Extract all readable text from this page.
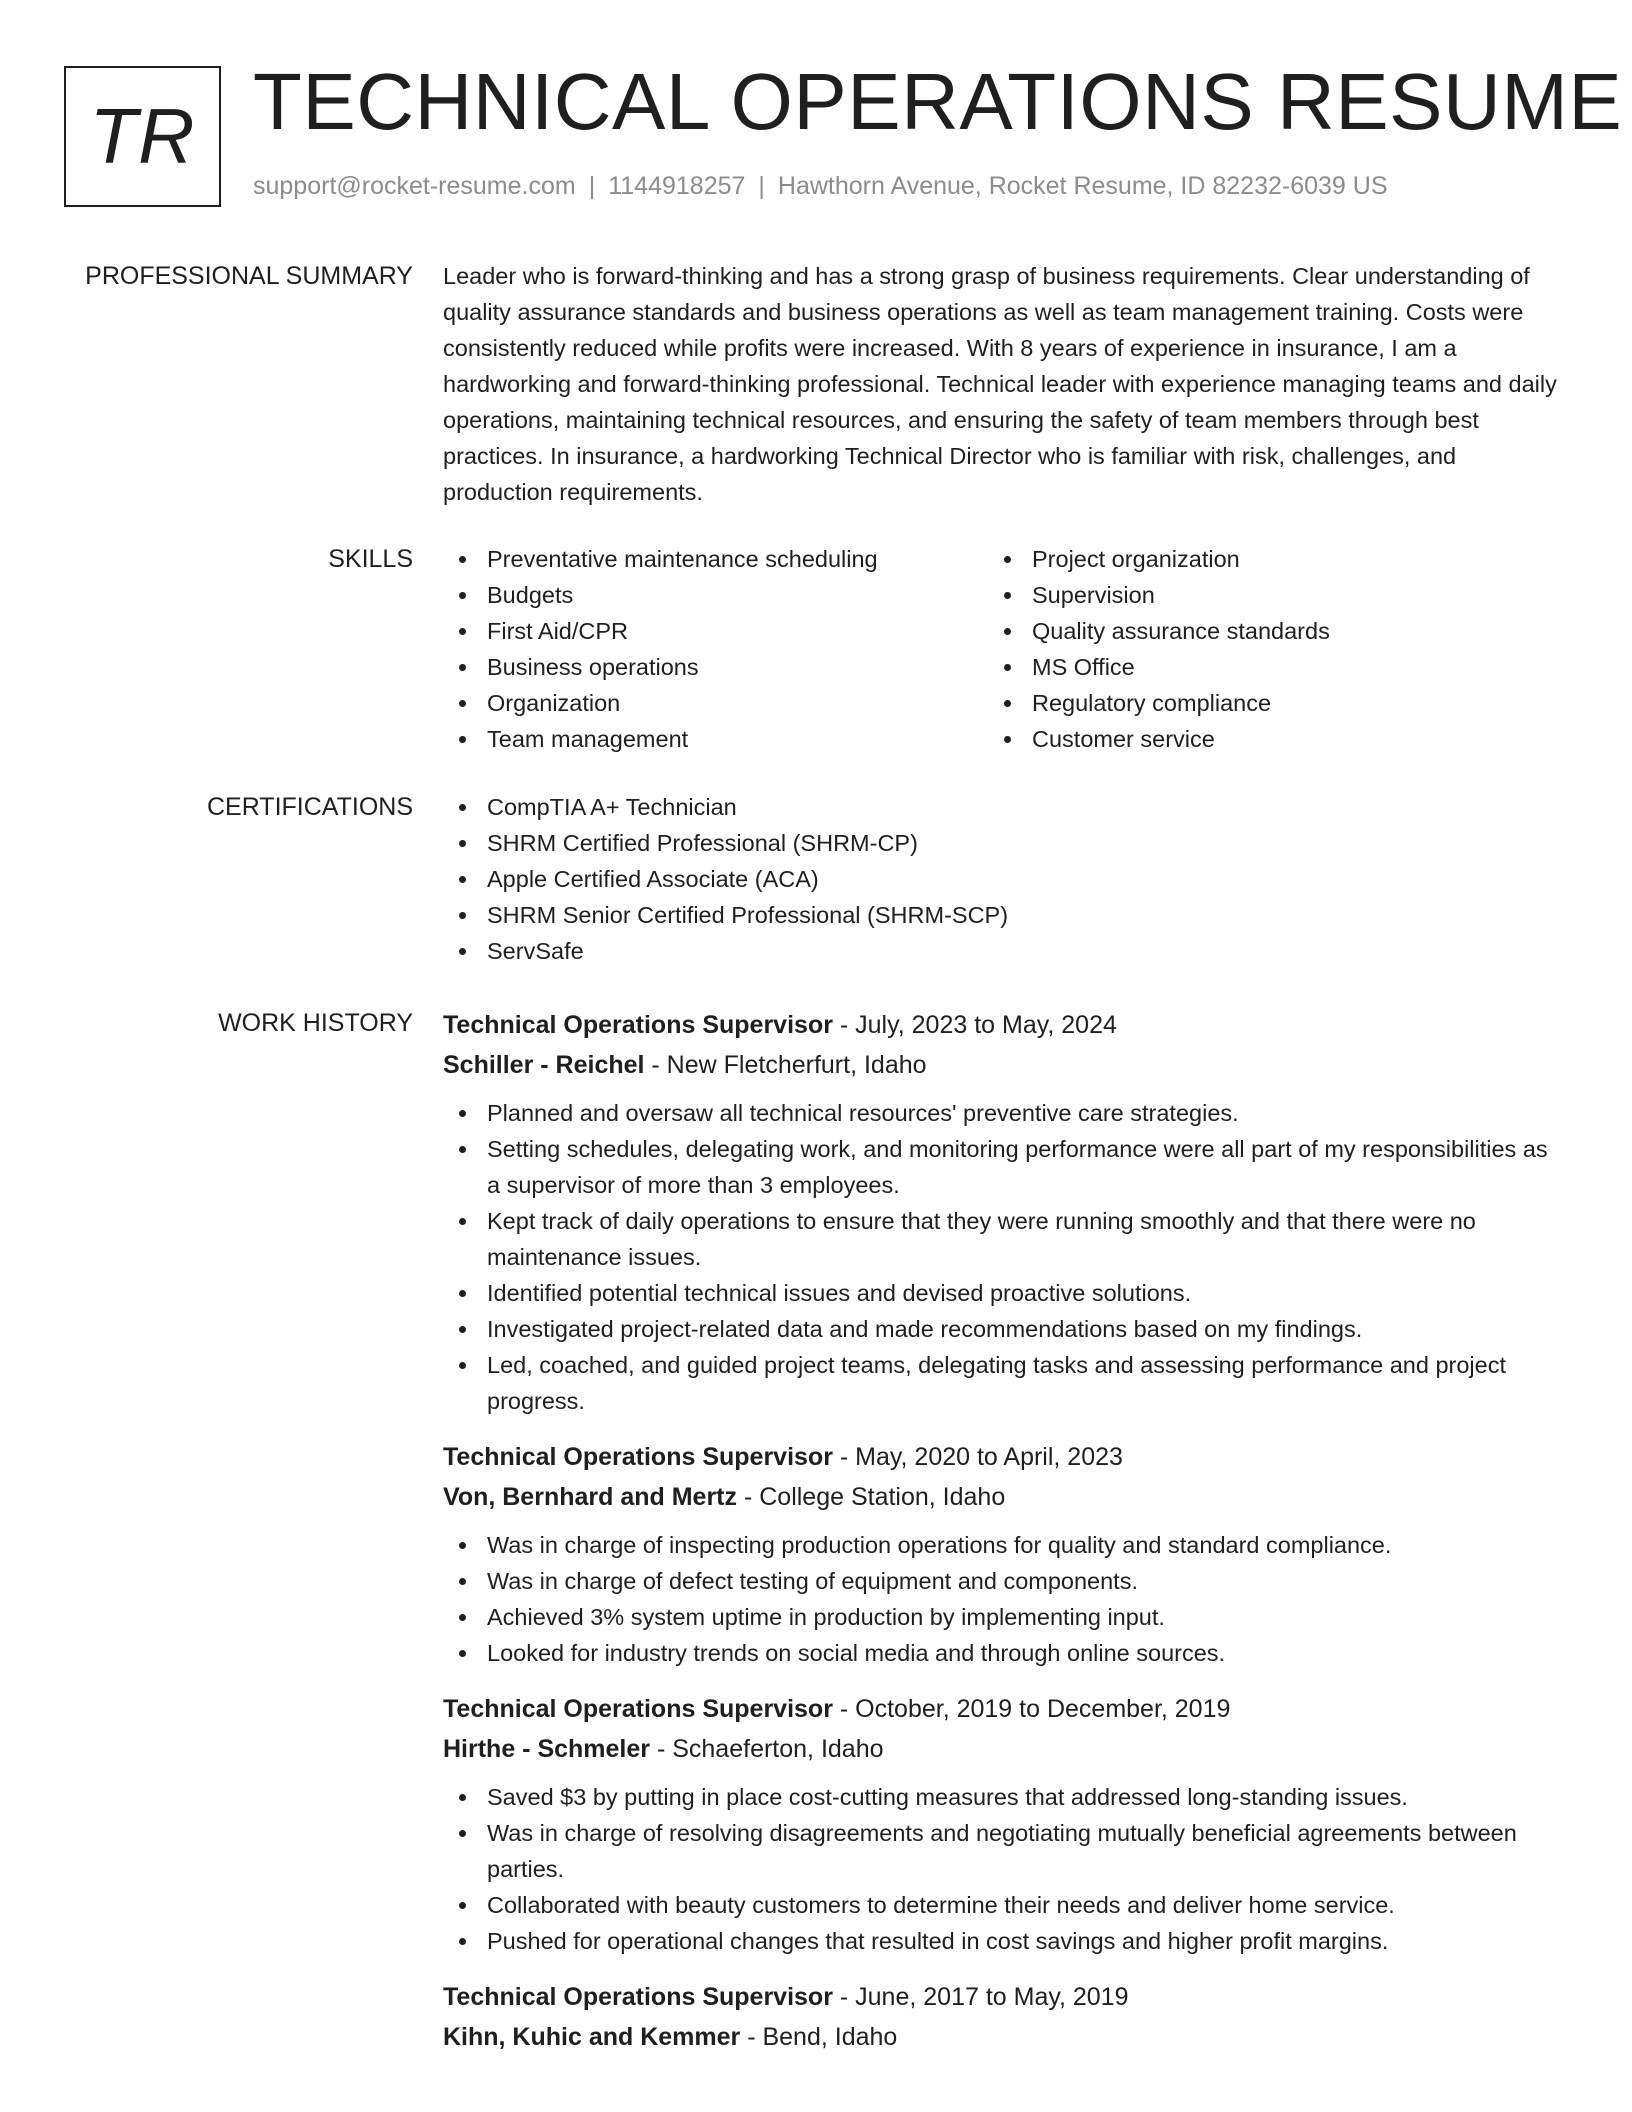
TR TECHNICAL OPERATIONS RESUME
support@rocket-resume.com | 1144918257 | Hawthorn Avenue, Rocket Resume, ID 82232-6039 US
PROFESSIONAL SUMMARY Leader who is forward-thinking and has a strong grasp of business requirements. Clear understanding of quality assurance standards and business operations as well as team management training. Costs were consistently reduced while profits were increased. With 8 years of experience in insurance, I am a hardworking and forward-thinking professional. Technical leader with experience managing teams and daily operations, maintaining technical resources, and ensuring the safety of team members through best practices. In insurance, a hardworking Technical Director who is familiar with risk, challenges, and production requirements.

SKILLS	Preventative maintenance scheduling
Budgets
First Aid/CPR
Business operations
Organization
Team management
Project organization
Supervision
Quality assurance standards
MS Office
Regulatory compliance
Customer service
CERTIFICATIONS	CompTIA A+ Technician
SHRM Certified Professional (SHRM-CP)
Apple Certified Associate (ACA)
SHRM Senior Certified Professional (SHRM-SCP)
ServSafe
WORK HISTORY Technical Operations Supervisor - July, 2023 to May, 2024
Schiller - Reichel - New Fletcherfurt, Idaho
Planned and oversaw all technical resources' preventive care strategies.
Setting schedules, delegating work, and monitoring performance were all part of my responsibilities as a supervisor of more than 3 employees.
Kept track of daily operations to ensure that they were running smoothly and that there were no maintenance issues.
Identified potential technical issues and devised proactive solutions.
Investigated project-related data and made recommendations based on my findings.
Led, coached, and guided project teams, delegating tasks and assessing performance and project progress.
Technical Operations Supervisor - May, 2020 to April, 2023
Von, Bernhard and Mertz - College Station, Idaho
Was in charge of inspecting production operations for quality and standard compliance.
Was in charge of defect testing of equipment and components.
Achieved 3% system uptime in production by implementing input.
Looked for industry trends on social media and through online sources.
Technical Operations Supervisor - October, 2019 to December, 2019
Hirthe - Schmeler - Schaeferton, Idaho
Saved $3 by putting in place cost-cutting measures that addressed long-standing issues.
Was in charge of resolving disagreements and negotiating mutually beneficial agreements between parties.
Collaborated with beauty customers to determine their needs and deliver home service.
Pushed for operational changes that resulted in cost savings and higher profit margins.
Technical Operations Supervisor - June, 2017 to May, 2019
Kihn, Kuhic and Kemmer - Bend, Idaho
